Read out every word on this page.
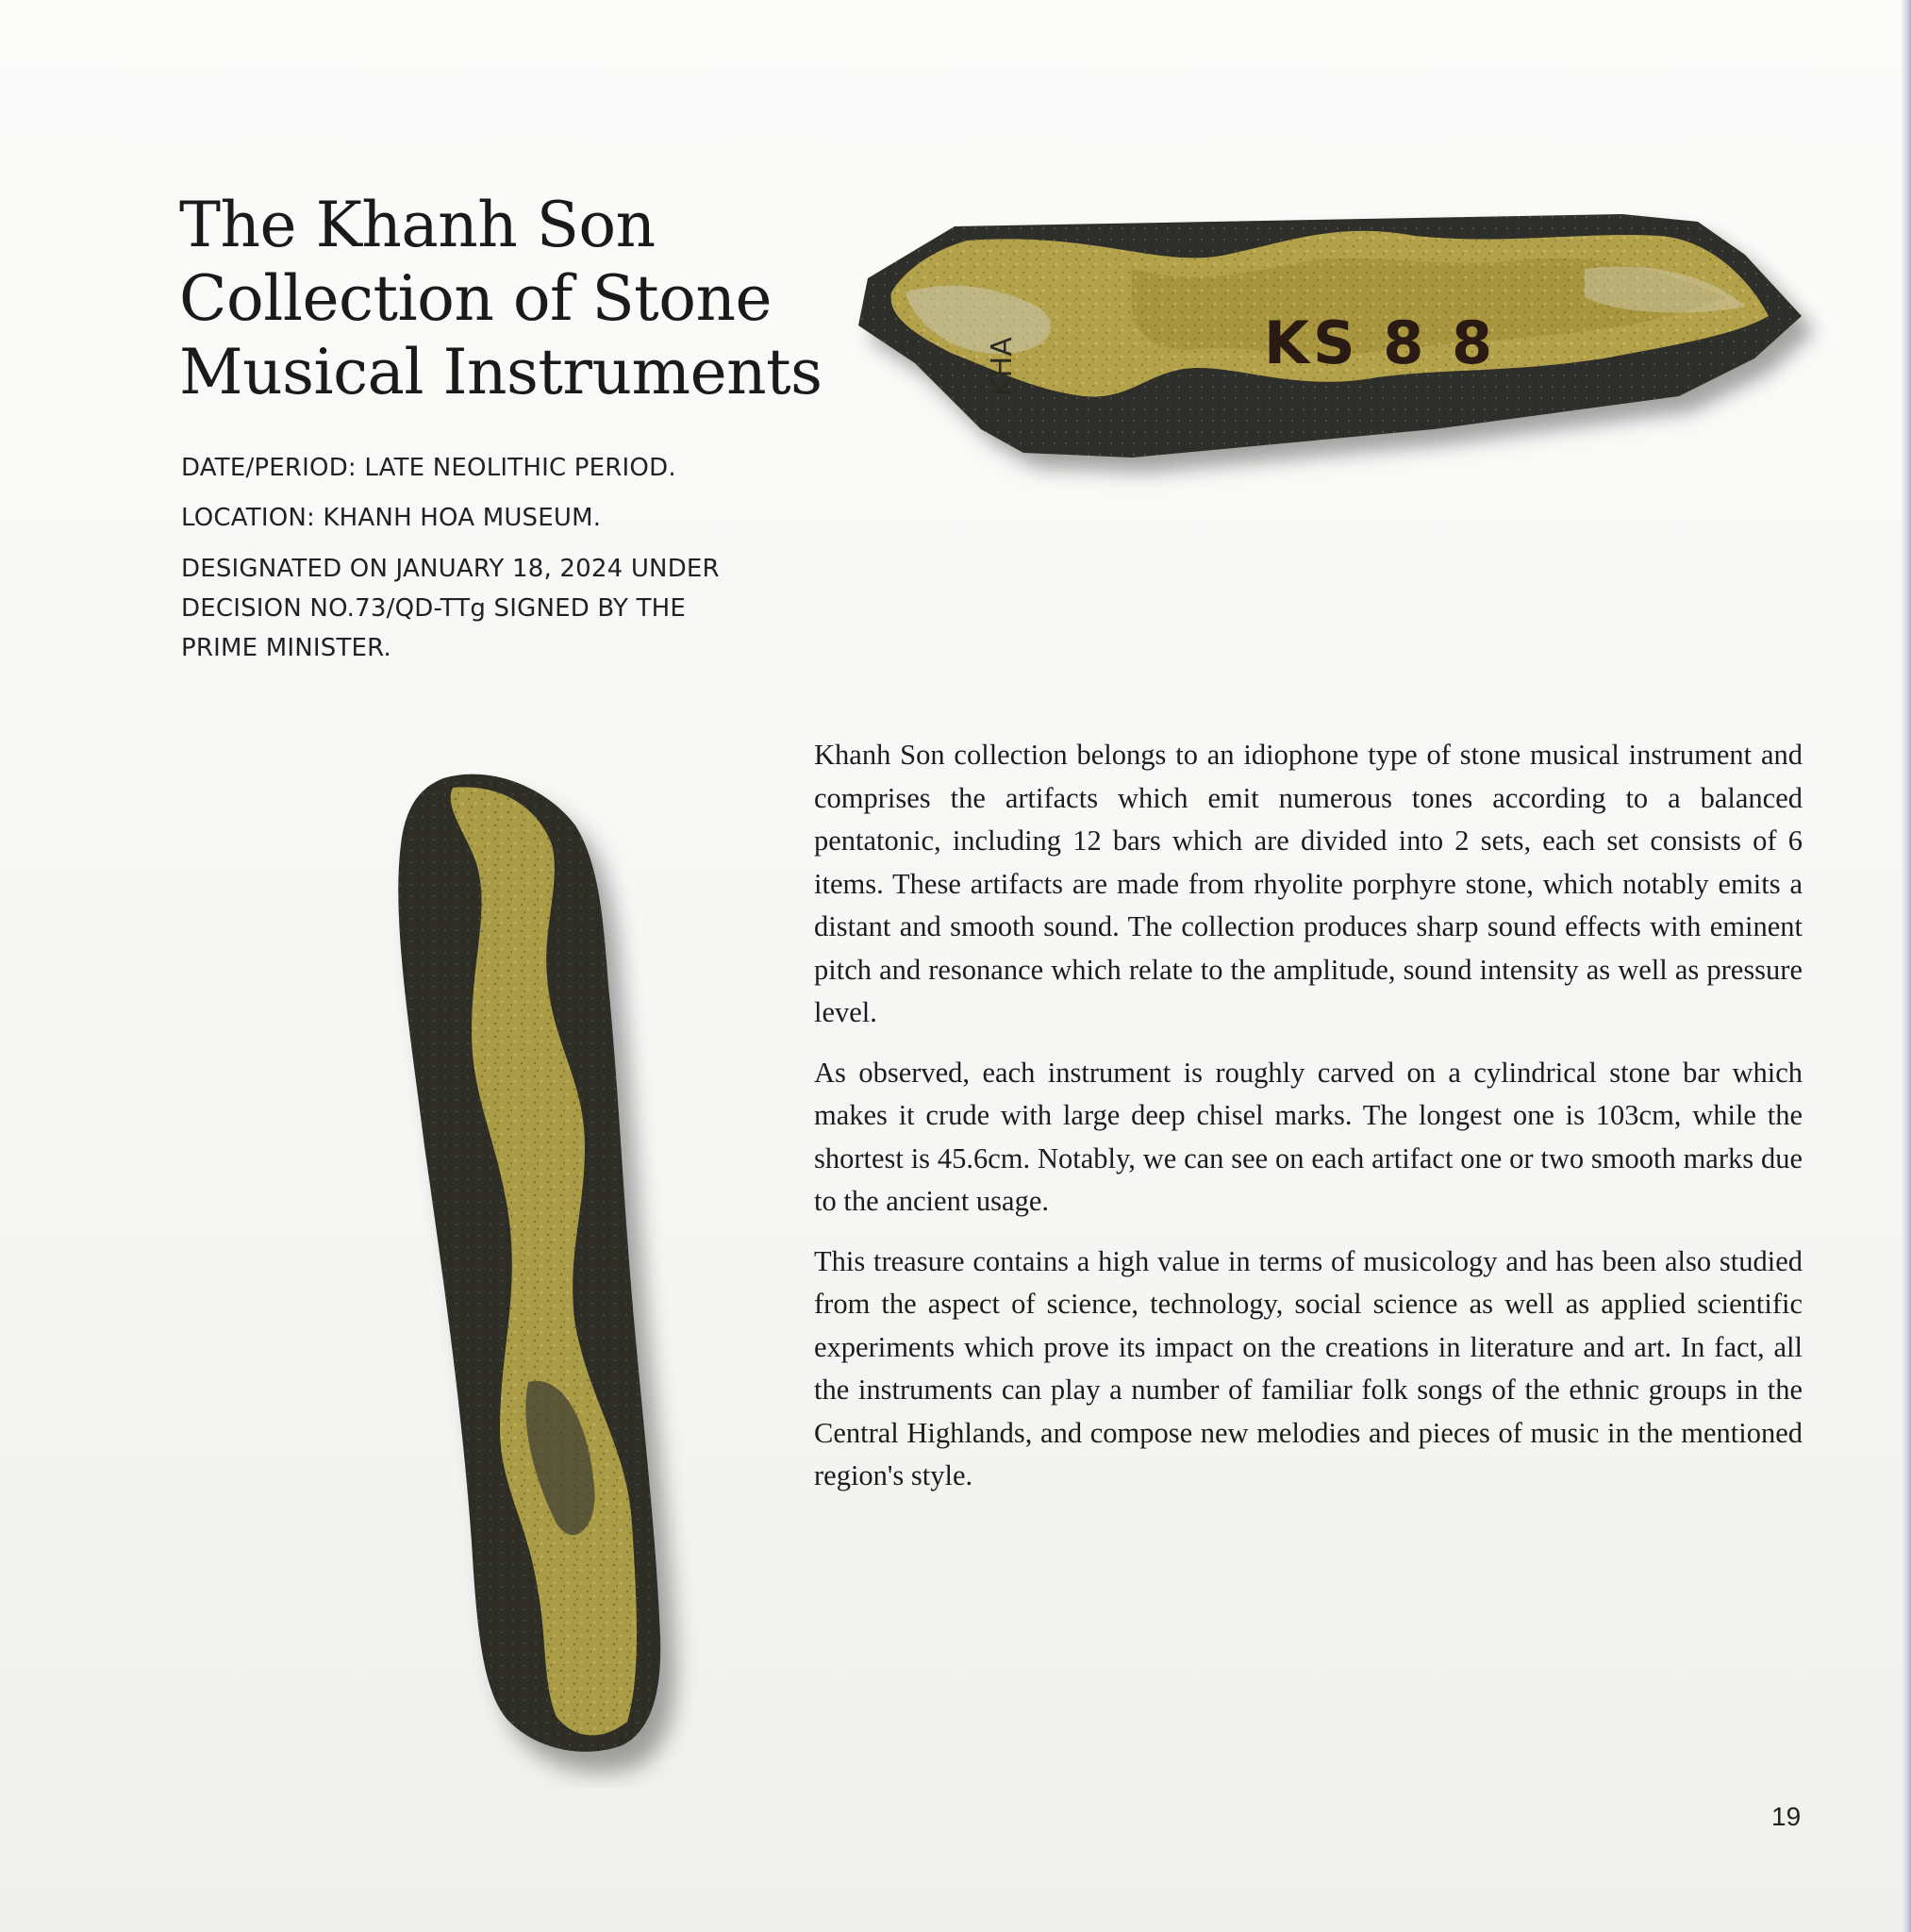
The Khanh Son
Collection of Stone
Musical Instruments

DATE/PERIOD: LATE NEOLITHIC PERIOD.

LOCATION: KHANH HOA MUSEUM.

DESIGNATED ON JANUARY 18, 2024 UNDER
DECISION NO.73/QD-TTg SIGNED BY THE
PRIME MINISTER.

KS 8 8
KHA

Khanh Son collection belongs to an idiophone type of stone musical instrument and comprises the artifacts which emit numerous tones according to a balanced pentatonic, including 12 bars which are divided into 2 sets, each set consists of 6 items. These artifacts are made from rhyolite porphyre stone, which notably emits a distant and smooth sound. The collection produces sharp sound effects with eminent pitch and resonance which relate to the amplitude, sound intensity as well as pressure level.

As observed, each instrument is roughly carved on a cylindrical stone bar which makes it crude with large deep chisel marks. The longest one is 103cm, while the shortest is 45.6cm. Notably, we can see on each artifact one or two smooth marks due to the ancient usage.

This treasure contains a high value in terms of musicology and has been also studied from the aspect of science, technology, social science as well as applied scientific experiments which prove its impact on the creations in literature and art. In fact, all the instruments can play a number of familiar folk songs of the ethnic groups in the Central Highlands, and compose new melodies and pieces of music in the mentioned region's style.

19
